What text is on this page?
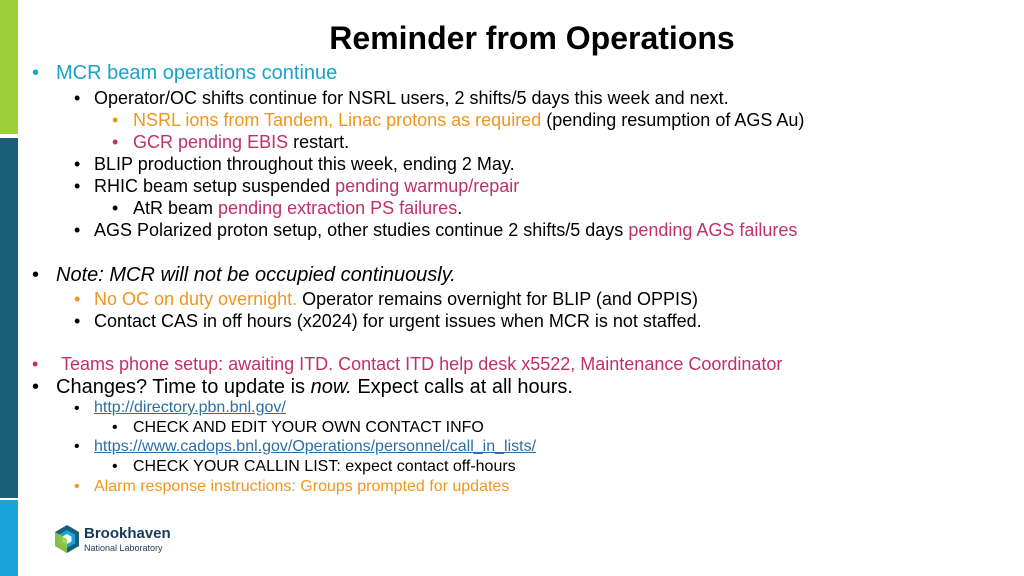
Reminder from Operations
• MCR beam operations continue
• Operator/OC shifts continue for NSRL users, 2 shifts/5 days this week and next.
• NSRL ions from Tandem, Linac protons as required (pending resumption of AGS Au)
• GCR pending EBIS restart.
• BLIP production throughout this week, ending 2 May.
• RHIC beam setup suspended pending warmup/repair
• AtR beam pending extraction PS failures.
• AGS Polarized proton setup, other studies continue 2 shifts/5 days pending AGS failures
• Note: MCR will not be occupied continuously.
• No OC on duty overnight. Operator remains overnight for BLIP (and OPPIS)
• Contact CAS in off hours (x2024) for urgent issues when MCR is not staffed.
• Teams phone setup: awaiting ITD. Contact ITD help desk x5522, Maintenance Coordinator
• Changes? Time to update is now. Expect calls at all hours.
• http://directory.pbn.bnl.gov/
• CHECK AND EDIT YOUR OWN CONTACT INFO
• https://www.cadops.bnl.gov/Operations/personnel/call_in_lists/
• CHECK YOUR CALLIN LIST: expect contact off-hours
• Alarm response instructions: Groups prompted for updates
Brookhaven
National Laboratory
